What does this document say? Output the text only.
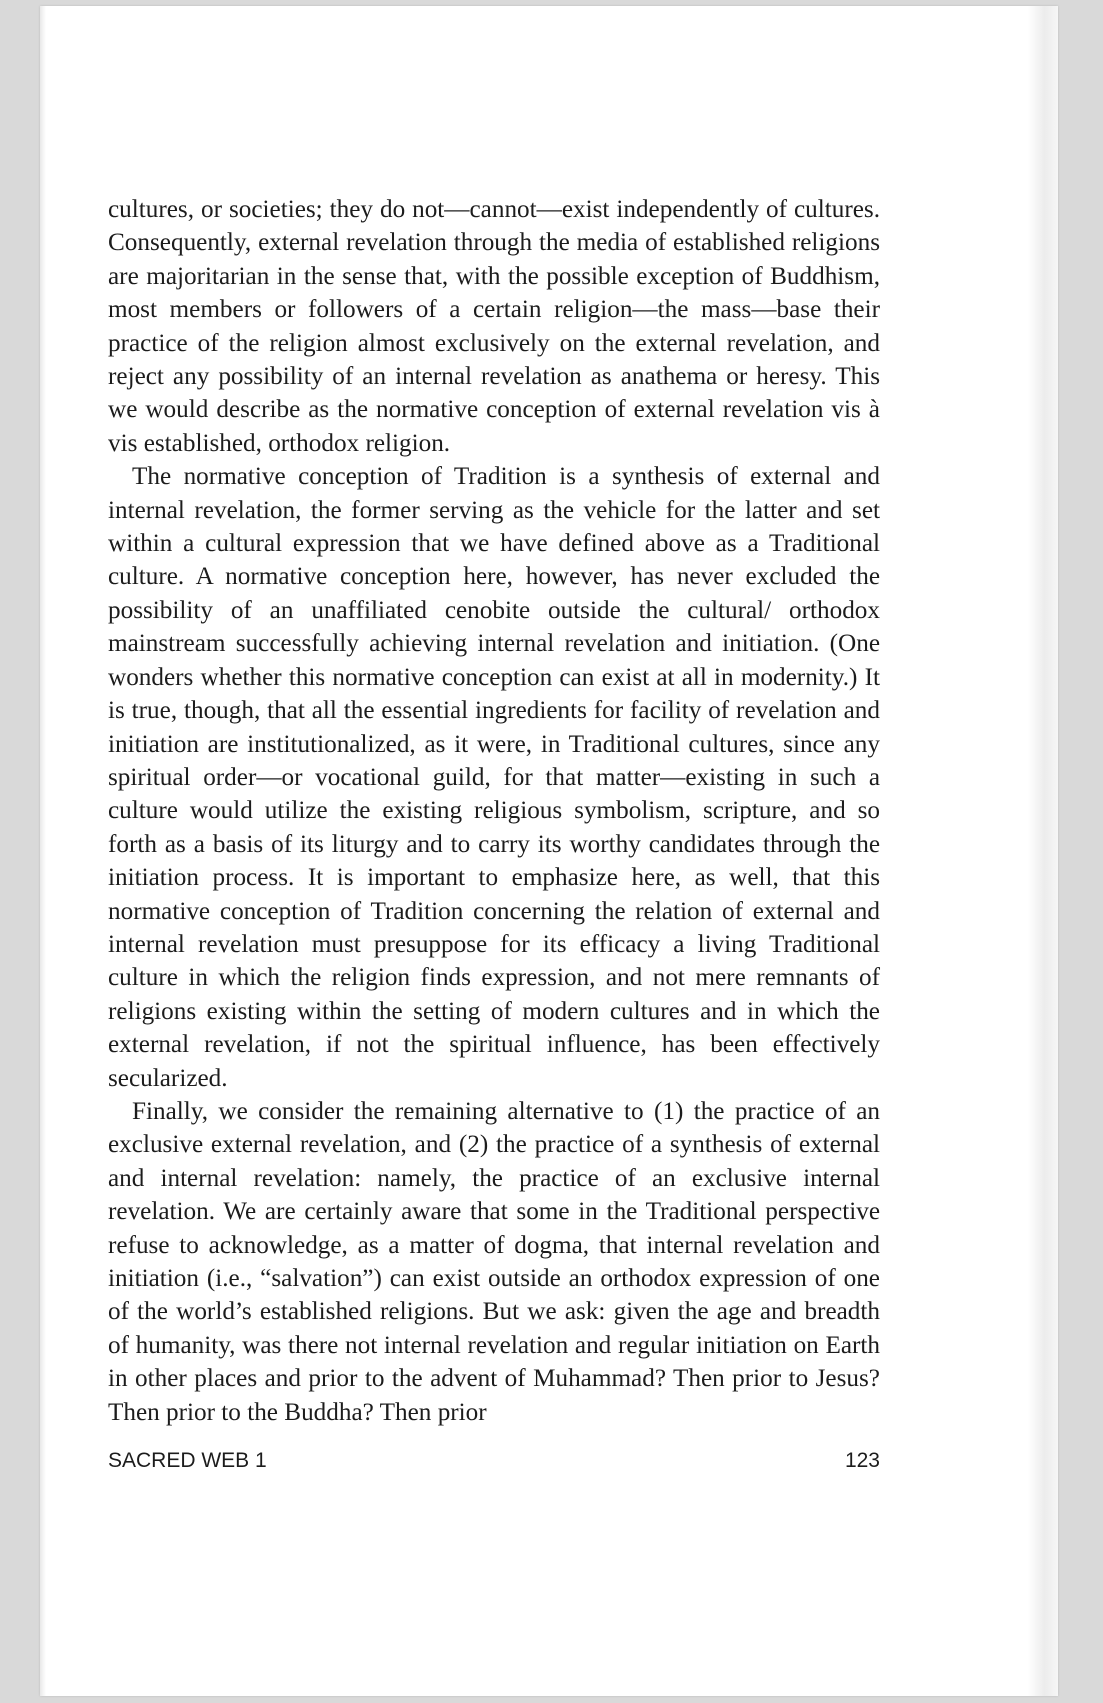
cultures, or societies; they do not—cannot—exist independently of cultures. Consequently, external revelation through the media of established religions are majoritarian in the sense that, with the possible exception of Buddhism, most members or followers of a certain religion—the mass—base their practice of the religion almost exclusively on the external revelation, and reject any possibility of an internal revelation as anathema or heresy. This we would describe as the normative conception of external revelation vis à vis established, orthodox religion.

The normative conception of Tradition is a synthesis of external and internal revelation, the former serving as the vehicle for the latter and set within a cultural expression that we have defined above as a Traditional culture. A normative conception here, however, has never excluded the possibility of an unaffiliated cenobite outside the cultural/ orthodox mainstream successfully achieving internal revelation and initiation. (One wonders whether this normative conception can exist at all in modernity.) It is true, though, that all the essential ingredients for facility of revelation and initiation are institutionalized, as it were, in Traditional cultures, since any spiritual order—or vocational guild, for that matter—existing in such a culture would utilize the existing religious symbolism, scripture, and so forth as a basis of its liturgy and to carry its worthy candidates through the initiation process. It is important to emphasize here, as well, that this normative conception of Tradition concerning the relation of external and internal revelation must presuppose for its efficacy a living Traditional culture in which the religion finds expression, and not mere remnants of religions existing within the setting of modern cultures and in which the external revelation, if not the spiritual influence, has been effectively secularized.

Finally, we consider the remaining alternative to (1) the practice of an exclusive external revelation, and (2) the practice of a synthesis of external and internal revelation: namely, the practice of an exclusive internal revelation. We are certainly aware that some in the Traditional perspective refuse to acknowledge, as a matter of dogma, that internal revelation and initiation (i.e., “salvation”) can exist outside an orthodox expression of one of the world’s established religions. But we ask: given the age and breadth of humanity, was there not internal revelation and regular initiation on Earth in other places and prior to the advent of Muhammad? Then prior to Jesus? Then prior to the Buddha? Then prior

SACRED WEB 1	123
